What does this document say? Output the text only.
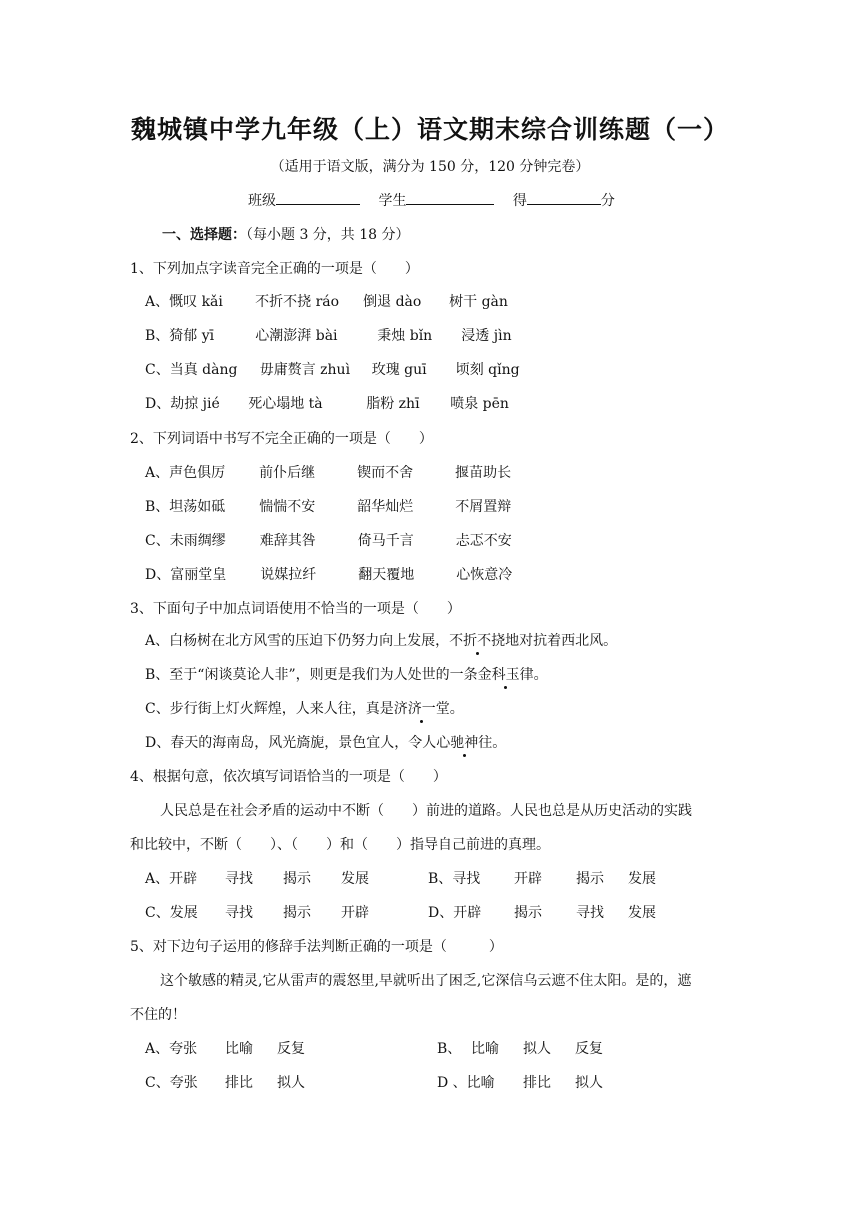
魏城镇中学九年级（上）语文期末综合训练题（一）
（适用于语文版，满分为 150 分，120 分钟完卷）
班级	学生	得	分
一、选择题：（每小题 3 分，共 18 分）
1、下列加点字读音完全正确的一项是（　　）
A、慨叹 kǎi 不折不挠 ráo 倒退 dào 树干 gàn
B、猗郁 yī	心潮澎湃 bài	秉烛 bǐn 浸透 jìn
C、当真 dàng 毋庸赘言 zhuì 玫瑰 guī 顷刻 qǐng
D、劫掠 jié 死心塌地 tà	脂粉 zhī 喷泉 pēn
2、下列词语中书写不完全正确的一项是（　　）
A、声色俱厉 前仆后继	锲而不舍	揠苗助长
B、坦荡如砥 惴惴不安	韶华灿烂	不屑置辩
C、未雨绸缪 难辞其咎	倚马千言	忐忑不安
D、富丽堂皇 说媒拉纤	翻天覆地	心恢意冷
3、下面句子中加点词语使用不恰当的一项是（　　）
A、白杨树在北方风雪的压迫下仍努力向上发展，不折不挠地对抗着西北风。
B、至于“闲谈莫论人非”，则更是我们为人处世的一条金科玉律。
C、步行街上灯火辉煌，人来人往，真是济济一堂。
D、春天的海南岛，风光旖旎，景色宜人，令人心驰神往。
4、根据句意，依次填写词语恰当的一项是（　　）
人民总是在社会矛盾的运动中不断（　　）前进的道路。人民也总是从历史活动的实践
和比较中，不断（　　）、（　　）和（　　）指导自己前进的真理。
A、开辟 寻找 揭示 发展	B、寻找 开辟 揭示 发展
C、发展 寻找 揭示 开辟	D、开辟 揭示 寻找 发展
5、对下边句子运用的修辞手法判断正确的一项是（　　　）
这个敏感的精灵,它从雷声的震怒里,早就听出了困乏,它深信乌云遮不住太阳。是的，遮
不住的！
A、夸张 比喻 反复	B、 比喻 拟人 反复
C、夸张 排比 拟人	D 、比喻 排比 拟人
